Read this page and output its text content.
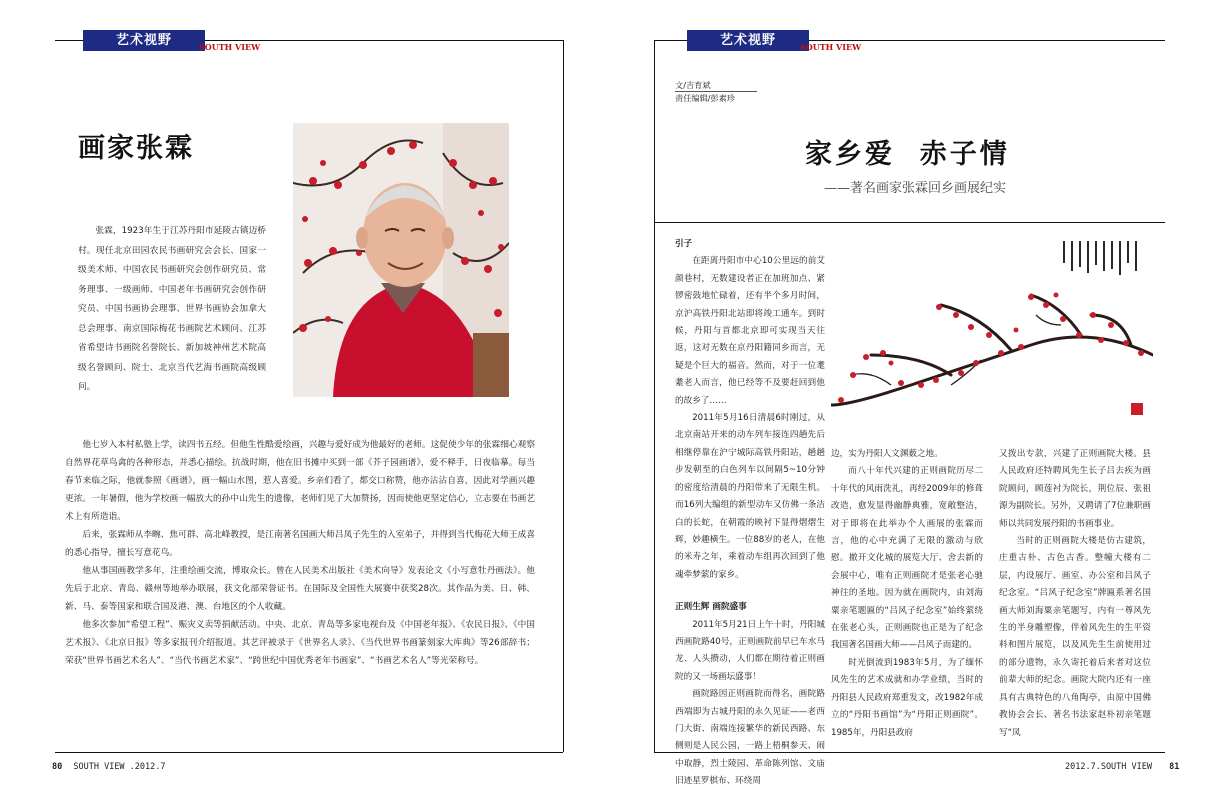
艺术视野	SOUTH VIEW
画家张霖

张霖，1923年生于江苏丹阳市延陵古镇迈桥村。现任北京田园农民书画研究会会长、国家一级美术师、中国农民书画研究会创作研究员、常务理事、一级画师、中国老年书画研究会创作研究员、中国书画协会理事、世界书画协会加拿大总会理事、南京国际梅花书画院艺术顾问、江苏省希望诗书画院名誉院长、新加坡神州艺术院高级名誉顾问、院士、北京当代艺海书画院高级顾问。

他七岁入本村私塾上学，读四书五经。但他生性酷爱绘画，兴趣与爱好成为他最好的老师。这促使少年的张霖细心观察自然界花草鸟禽的各种形态，并悉心描绘。抗战时期，他在旧书摊中买到一部《芥子园画谱》，爱不释手，日夜临摹。每当春节来临之际，他就参照《画谱》，画一幅山水图，惹人喜爱。乡亲们看了，都交口称赞，他亦沾沾自喜，因此对学画兴趣更浓。一年暑假，他为学校画一幅放大的孙中山先生的遗像，老师们见了大加赞扬，因而使他更坚定信心，立志要在书画艺术上有所造诣。

后来，张霖师从李畹、焦可群、高北峰教授，是江南著名国画大师吕凤子先生的入室弟子，并得到当代梅花大师王成喜的悉心指导，擅长写意花鸟。

他从事国画教学多年，注重绘画交流，博取众长。曾在人民美术出版社《美术向导》发表论文《小写意牡丹画法》。他先后于北京、青岛、赣州等地举办联展，获文化部荣誉证书。在国际及全国性大展赛中获奖28次。其作品为美、日、韩、新、马、泰等国家和联合国及港、澳、台地区的个人收藏。

他多次参加“希望工程”、赈灾义卖等捐献活动。中央、北京、青岛等多家电视台及《中国老年报》、《农民日报》、《中国艺术报》、《北京日报》等多家报刊介绍报道。其艺评被录于《世界名人录》、《当代世界书画篆刻家大库典》等26部辞书；荣获“世界书画艺术名人”、“当代书画艺术家”、“跨世纪中国优秀老年书画家”、“书画艺术名人”等光荣称号。

80 SOUTH VIEW .2012.7
艺术视野	SOUTH VIEW
文/吉育斌
责任编辑/彭素珍
家乡爱  赤子情
——著名画家张霖回乡画展纪实
引子

在距离丹阳市中心10公里远的前艾颜巷村，无数建设者正在加班加点、紧锣密鼓地忙碌着，还有半个多月时间，京沪高铁丹阳北站即将竣工通车。到时候，丹阳与首都北京即可实现当天往返，这对无数在京丹阳籍同乡而言，无疑是个巨大的福音。然而，对于一位耄耋老人而言，他已经等不及要赶回到他的故乡了……

2011年5月16日清晨6时刚过，从北京南站开来的动车列车接连四趟先后相继停靠在沪宁城际高铁丹阳站，趟趟步发朝至的白色列车以间隔5~10分钟的密度给清晨的丹阳带来了无限生机。而16列大编组的新型动车又仿佛一条洁白的长蛇，在朝霞的映衬下显得熠熠生辉，妙趣横生。一位88岁的老人，在他的米寿之年，乘着动车组再次回到了他魂牵梦萦的家乡。

正则生辉 画院盛事

2011年5月21日上午十时，丹阳城西画院路40号，正则画院前早已车水马龙、人头攒动，人们都在期待着正则画院的又一场画坛盛事！

画院路因正则画院而得名，画院路西端即为古城丹阳的永久见证——老西门大街、南端连接繁华的新民西路、东侧则是人民公园，一路上梧桐参天、闹中取静，烈士陵园、革命陈列馆、文庙旧迹星罗棋布、环绕周

边，实为丹阳人文渊薮之地。

而八十年代兴建的正则画院历尽二十年代的风雨洗礼，再经2009年的修葺改造，愈发显得幽静典雅，宽敞整洁，对于即将在此举办个人画展的张霖而言，他的心中充满了无限的激动与欣慰。撤开文化城的展览大厅、舍去新的会展中心，唯有正则画院才是张老心驰神往的圣地。因为就在画院内，由刘海粟亲笔题匾的“吕风子纪念室”始终萦绕在张老心头，正则画院也正是为了纪念我国著名国画大师——吕风子而建的。

时光倒流到1983年5月，为了缅怀风先生的艺术成就和办学业绩，当时的丹阳县人民政府郑重发文，改1982年成立的“丹阳书画馆”为“丹阳正则画院”。1985年，丹阳县政府

又拨出专款，兴建了正则画院大楼。县人民政府还特聘风先生长子吕去疾为画院顾问，顾莲衬为院长，荆位辰、张祖源为副院长。另外，又聘请了7位兼职画师以共同发展丹阳的书画事业。

当时的正则画院大楼是仿古建筑，庄重古朴、古色古香。整幢大楼有二层，内设展厅、画室、办公室和吕风子纪念室。“吕风子纪念室”牌匾系著名国画大师刘海粟亲笔题写，内有一尊风先生的半身雕塑像，伴着风先生的生平资料和图片展览，以及风先生生前使用过的部分遗物，永久寄托着后来者对这位前辈大师的纪念。画院大院内还有一座具有古典特色的八角陶亭，由原中国佛教协会会长、著名书法家赵朴初亲笔题写“凤

2012.7.SOUTH VIEW 81
